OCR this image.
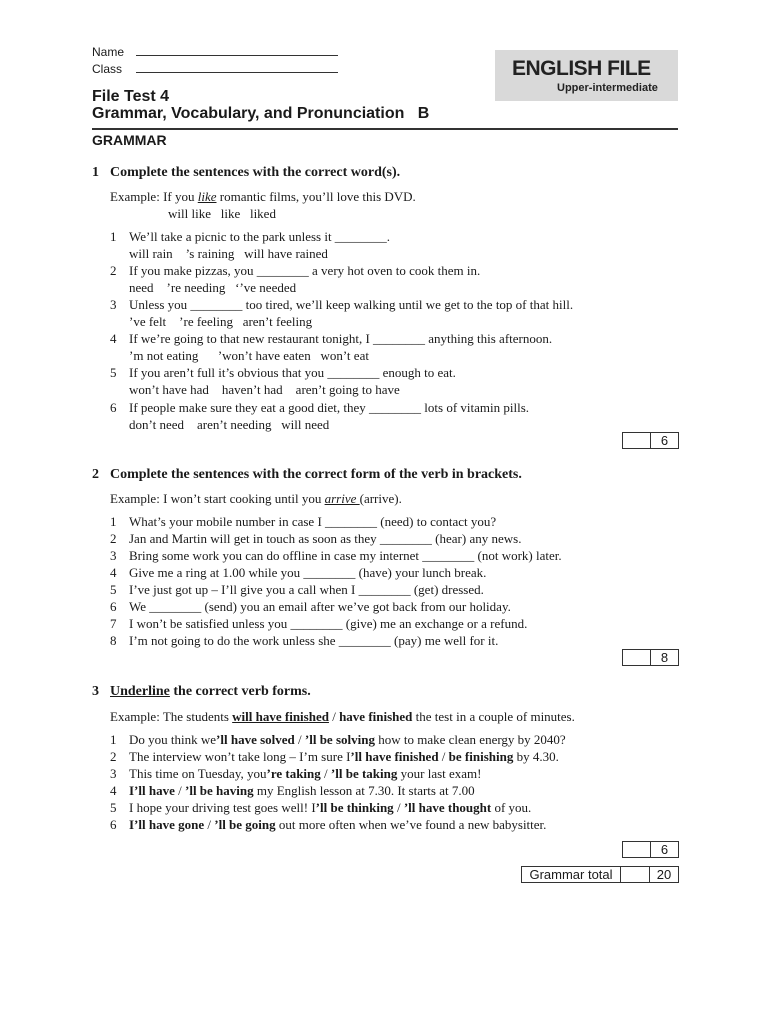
Name
Class	ENGLISH FILE
Upper-intermediate
File Test 4
Grammar, Vocabulary, and Pronunciation   B
GRAMMAR
1 Complete the sentences with the correct word(s).
Example: If you like romantic films, you’ll love this DVD.
will like   like   liked
1 We’ll take a picnic to the park unless it ________.
will rain    ’s raining   will have rained
2 If you make pizzas, you ________ a very hot oven to cook them in.
need    ’re needing   ‘’ve needed
3 Unless you ________ too tired, we’ll keep walking until we get to the top of that hill.
’ve felt    ’re feeling   aren’t feeling
4 If we’re going to that new restaurant tonight, I ________ anything this afternoon.
’m not eating      ’won’t have eaten   won’t eat
5 If you aren’t full it’s obvious that you ________ enough to eat.
won’t have had    haven’t had    aren’t going to have
6 If people make sure they eat a good diet, they ________ lots of vitamin pills.
don’t need    aren’t needing   will need
6
2 Complete the sentences with the correct form of the verb in brackets.
Example: I won’t start cooking until you arrive (arrive).
1 What’s your mobile number in case I ________ (need) to contact you?
2 Jan and Martin will get in touch as soon as they ________ (hear) any news.
3 Bring some work you can do offline in case my internet ________ (not work) later.
4 Give me a ring at 1.00 while you ________ (have) your lunch break.
5 I’ve just got up – I’ll give you a call when I ________ (get) dressed.
6 We ________ (send) you an email after we’ve got back from our holiday.
7 I won’t be satisfied unless you ________ (give) me an exchange or a refund.
8 I’m not going to do the work unless she ________ (pay) me well for it.
8
3 Underline the correct verb forms.
Example: The students will have finished / have finished the test in a couple of minutes.
1 Do you think we’ll have solved / ’ll be solving how to make clean energy by 2040?
2 The interview won’t take long – I’m sure I’ll have finished / be finishing by 4.30.
3 This time on Tuesday, you’re taking / ’ll be taking your last exam!
4 I’ll have / ’ll be having my English lesson at 7.30. It starts at 7.00
5 I hope your driving test goes well! I’ll be thinking / ’ll have thought of you.
6 I’ll have gone / ’ll be going out more often when we’ve found a new babysitter.
6
Grammar total	20
